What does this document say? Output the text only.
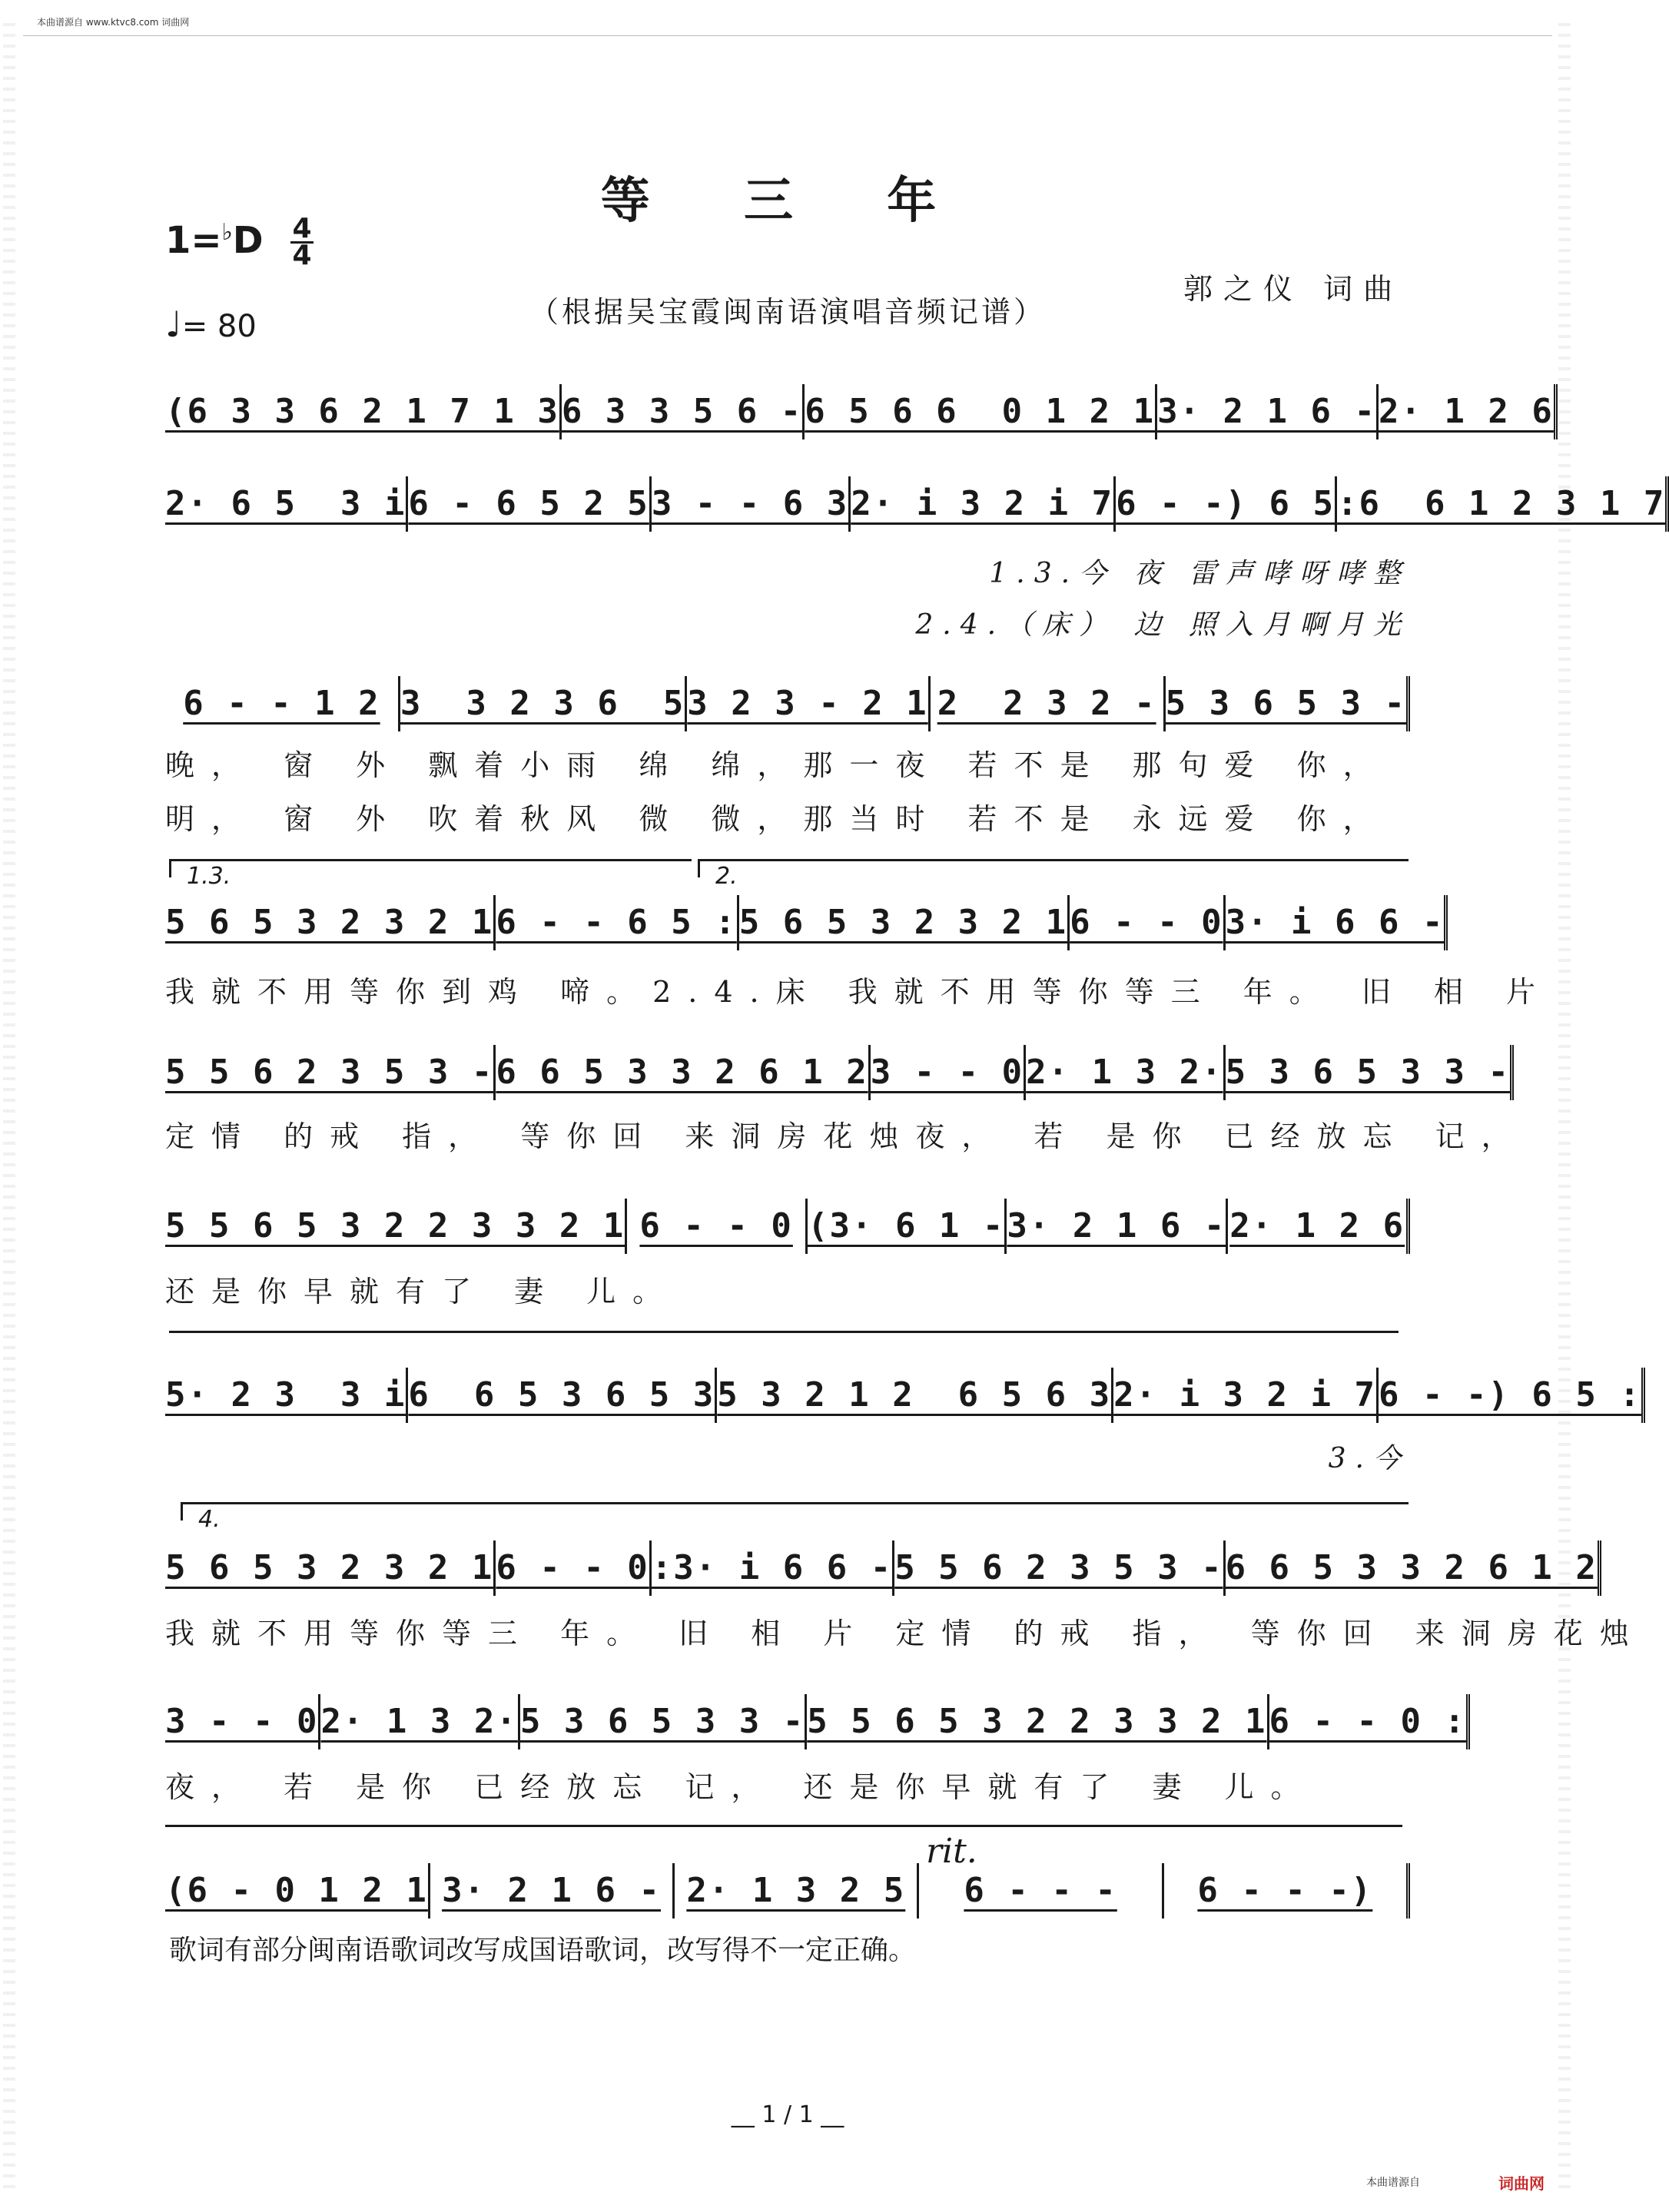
本曲谱源自 www.ktvc8.com 词曲网
等 三 年
1=♭D 4
4
♩= 80	（根据吴宝霞闽南语演唱音频记谱）
郭之仪 词曲
(6 3 3 6 2 1 7 1 3 6 3 3 5 6 - 6 5 6 6  0 1 2 1 3· 2 1 6 - 2· 1 2 6
2· 6 5  3 i 6 - 6 5 2 5 3 - - 6 3 2· i 3 2 i 7 6 - -) 6 5 :6  6 1 2 3 1 7
1.3.今 夜 雷声哮呀哮整
2.4.（床） 边 照入月啊月光
6 - - 1 2 3  3 2 3 6  5 3 2 3 - 2 1 2  2 3 2 - 5 3 6 5 3 -
晚， 窗 外 飘着小雨 绵 绵，那一夜 若不是 那句爱 你，
明， 窗 外 吹着秋风 微 微，那当时 若不是 永远爱 你，
1.3.	2.
5 6 5 3 2 3 2 1 6 - - 6 5 : 5 6 5 3 2 3 2 1 6 - - 0 3· i 6 6 -
我就不用等你到鸡 啼。2.4.床 我就不用等你等三 年。 旧 相 片
5 5 6 2 3 5 3 - 6 6 5 3 3 2 6 1 2 3 - - 0 2· 1 3 2· 5 3 6 5 3 3 -
定情 的戒 指， 等你回 来洞房花烛夜， 若 是你 已经放忘 记，
5 5 6 5 3 2 2 3 3 2 1 6 - - 0 (3· 6 1 - 3· 2 1 6 - 2· 1 2 6
还是你早就有了 妻 儿。
5· 2 3  3 i 6  6 5 3 6 5 3 5 3 2 1 2  6 5 6 3 2· i 3 2 i 7 6 - -) 6 5 :
3.今
4.
5 6 5 3 2 3 2 1 6 - - 0 :3· i 6 6 - 5 5 6 2 3 5 3 - 6 6 5 3 3 2 6 1 2
我就不用等你等三 年。 旧 相 片 定情 的戒 指， 等你回 来洞房花烛
3 - - 0 2· 1 3 2· 5 3 6 5 3 3 - 5 5 6 5 3 2 2 3 3 2 1 6 - - 0 :
夜， 若 是你 已经放忘 记， 还是你早就有了 妻 儿。
rit.
(6 - 0 1 2 1 3· 2 1 6 - 2· 1 3 2 5	6 - - -	6 - - -)
歌词有部分闽南语歌词改写成国语歌词，改写得不一定正确。
__ 1 / 1 __
本曲谱源自	词曲网
